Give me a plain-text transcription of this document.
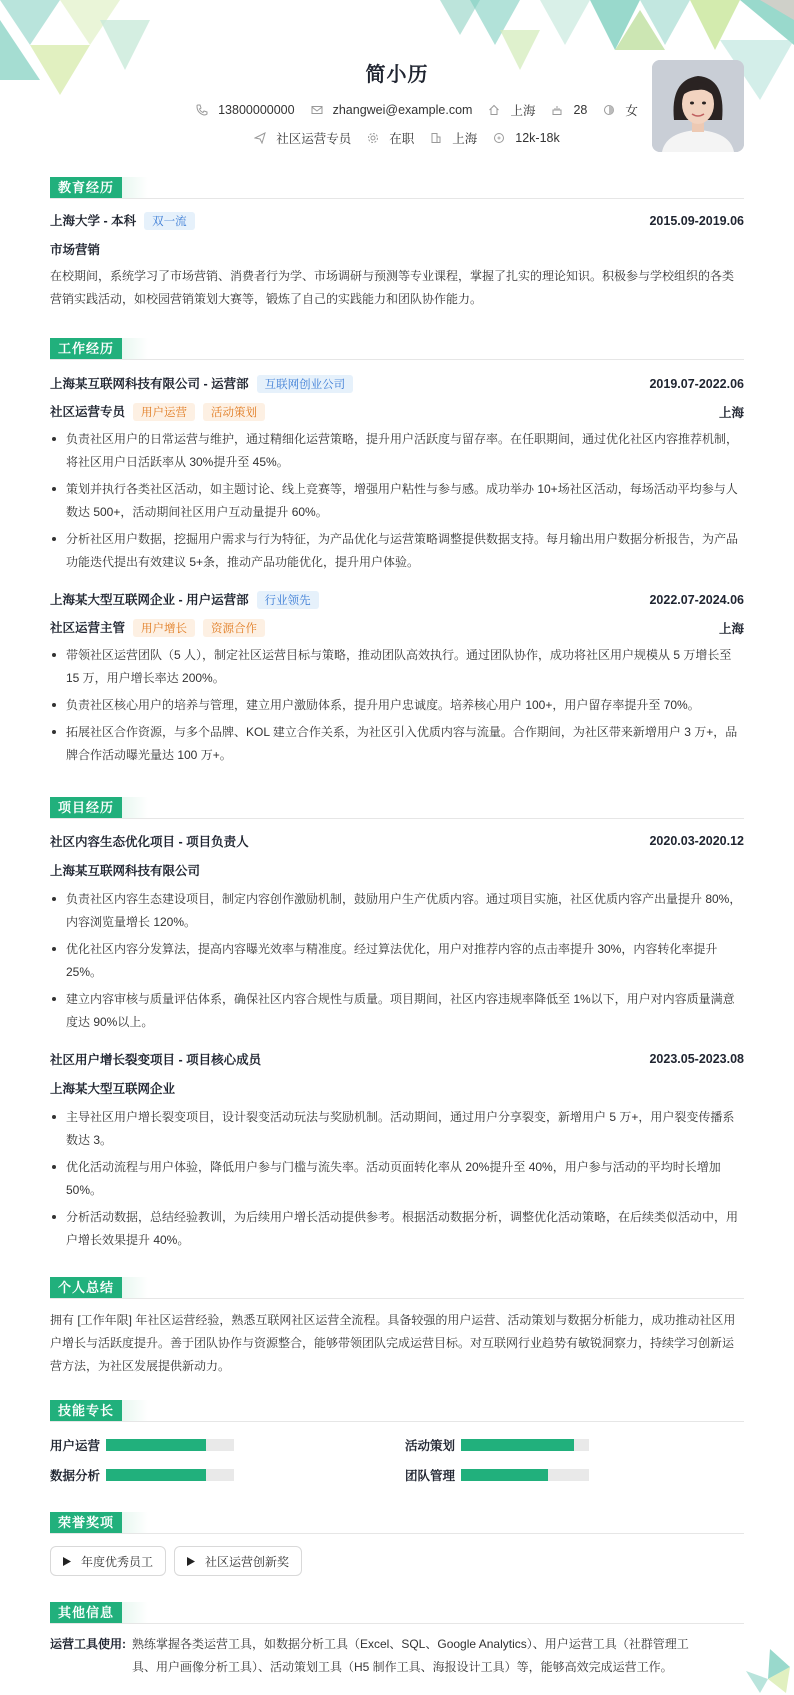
简小历
13800000000	zhangwei@example.com	上海	28	女
社区运营专员	在职	上海	12k-18k
教育经历
上海大学 - 本科 双一流	2015.09-2019.06
市场营销
在校期间，系统学习了市场营销、消费者行为学、市场调研与预测等专业课程，掌握了扎实的理论知识。积极参与学校组织的各类营销实践活动，如校园营销策划大赛等，锻炼了自己的实践能力和团队协作能力。
工作经历
上海某互联网科技有限公司 - 运营部 互联网创业公司	2019.07-2022.06
社区运营专员 用户运营 活动策划	上海
负责社区用户的日常运营与维护，通过精细化运营策略，提升用户活跃度与留存率。在任职期间，通过优化社区内容推荐机制，将社区用户日活跃率从 30%提升至 45%。
策划并执行各类社区活动，如主题讨论、线上竞赛等，增强用户粘性与参与感。成功举办 10+场社区活动，每场活动平均参与人数达 500+，活动期间社区用户互动量提升 60%。
分析社区用户数据，挖掘用户需求与行为特征，为产品优化与运营策略调整提供数据支持。每月输出用户数据分析报告，为产品功能迭代提出有效建议 5+条，推动产品功能优化，提升用户体验。
上海某大型互联网企业 - 用户运营部 行业领先	2022.07-2024.06
社区运营主管 用户增长 资源合作	上海
带领社区运营团队（5 人），制定社区运营目标与策略，推动团队高效执行。通过团队协作，成功将社区用户规模从 5 万增长至 15 万，用户增长率达 200%。
负责社区核心用户的培养与管理，建立用户激励体系，提升用户忠诚度。培养核心用户 100+，用户留存率提升至 70%。
拓展社区合作资源，与多个品牌、KOL 建立合作关系，为社区引入优质内容与流量。合作期间，为社区带来新增用户 3 万+，品牌合作活动曝光量达 100 万+。
项目经历
社区内容生态优化项目 - 项目负责人	2020.03-2020.12
上海某互联网科技有限公司
负责社区内容生态建设项目，制定内容创作激励机制，鼓励用户生产优质内容。通过项目实施，社区优质内容产出量提升 80%，内容浏览量增长 120%。
优化社区内容分发算法，提高内容曝光效率与精准度。经过算法优化，用户对推荐内容的点击率提升 30%，内容转化率提升 25%。
建立内容审核与质量评估体系，确保社区内容合规性与质量。项目期间，社区内容违规率降低至 1%以下，用户对内容质量满意度达 90%以上。
社区用户增长裂变项目 - 项目核心成员	2023.05-2023.08
上海某大型互联网企业
主导社区用户增长裂变项目，设计裂变活动玩法与奖励机制。活动期间，通过用户分享裂变，新增用户 5 万+，用户裂变传播系数达 3。
优化活动流程与用户体验，降低用户参与门槛与流失率。活动页面转化率从 20%提升至 40%，用户参与活动的平均时长增加 50%。
分析活动数据，总结经验教训，为后续用户增长活动提供参考。根据活动数据分析，调整优化活动策略，在后续类似活动中，用户增长效果提升 40%。
个人总结
拥有 [工作年限] 年社区运营经验，熟悉互联网社区运营全流程。具备较强的用户运营、活动策划与数据分析能力，成功推动社区用户增长与活跃度提升。善于团队协作与资源整合，能够带领团队完成运营目标。对互联网行业趋势有敏锐洞察力，持续学习创新运营方法，为社区发展提供新动力。
技能专长
用户运营	活动策划
数据分析	团队管理
荣誉奖项
年度优秀员工	社区运营创新奖
其他信息
运营工具使用: 熟练掌握各类运营工具，如数据分析工具（Excel、SQL、Google Analytics）、用户运营工具（社群管理工具、用户画像分析工具）、活动策划工具（H5 制作工具、海报设计工具）等，能够高效完成运营工作。
